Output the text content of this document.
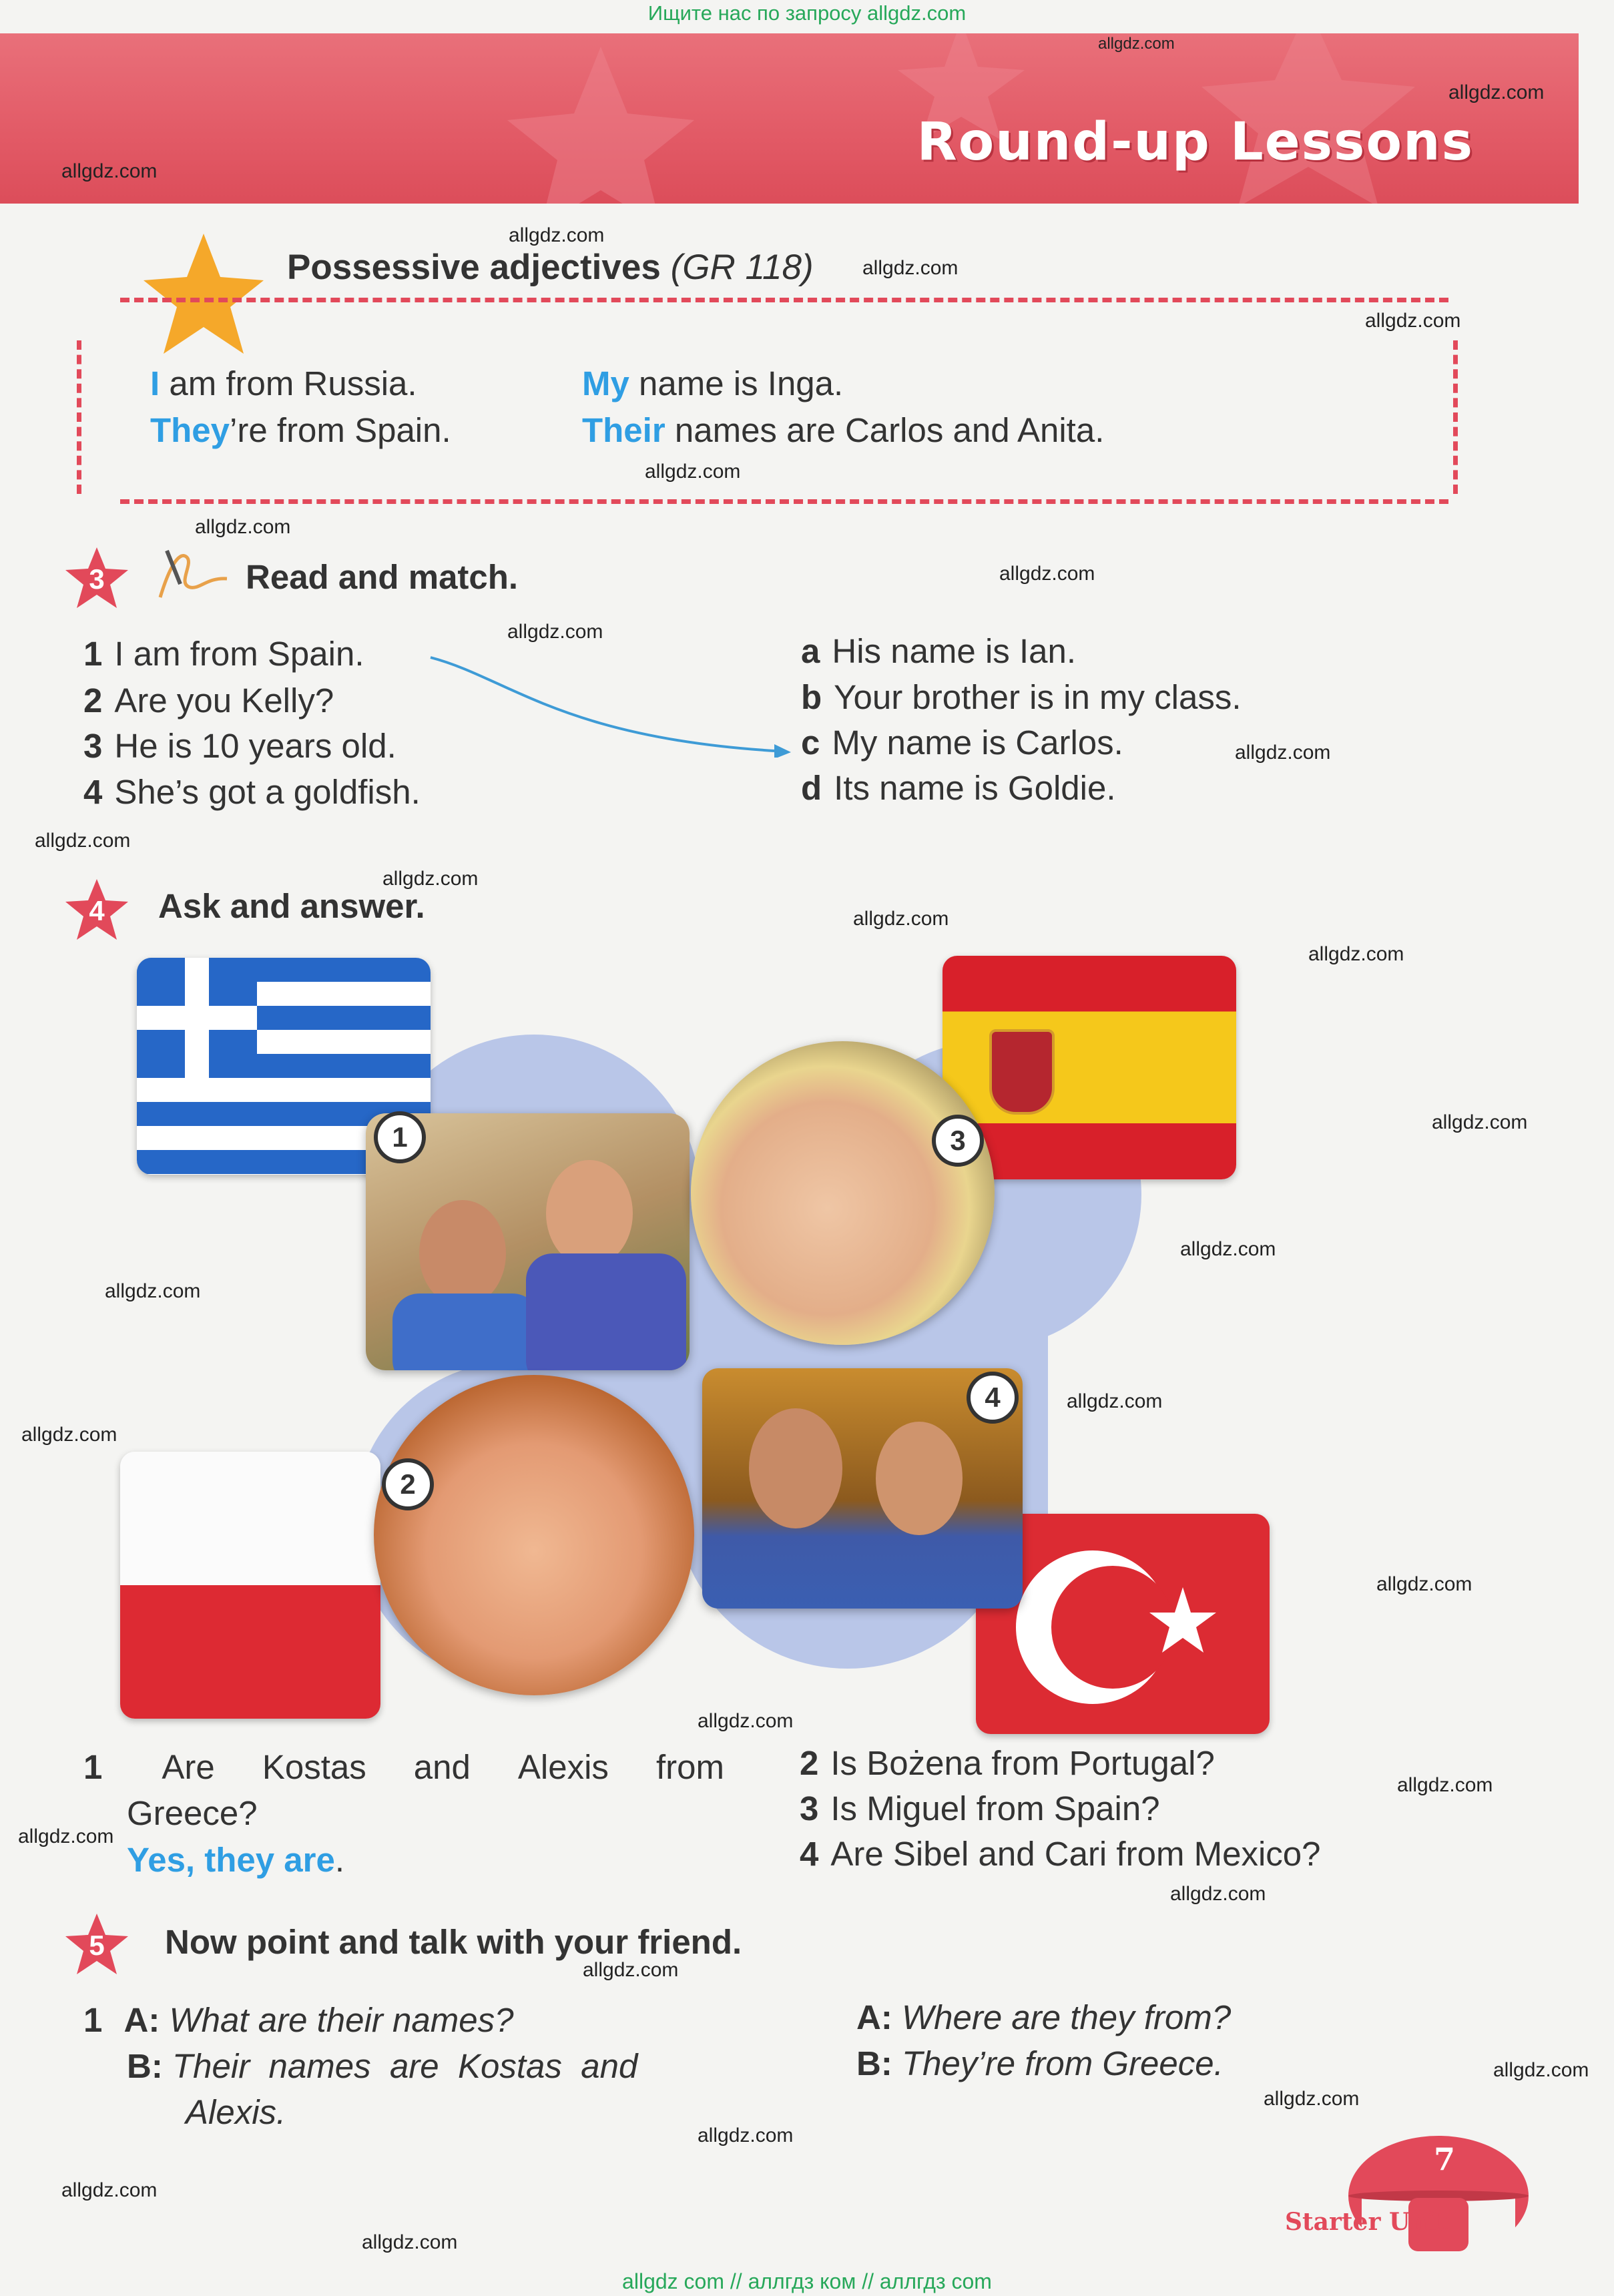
Ищите нас по запросу allgdz.com
Round-up Lessons
allgdz.com
allgdz.com
allgdz.com
allgdz.com
allgdz.com
allgdz.com
allgdz.com
allgdz.com
allgdz.com
allgdz.com
allgdz.com
allgdz.com
allgdz.com
allgdz.com
allgdz.com
allgdz.com
allgdz.com
allgdz.com
allgdz.com
allgdz.com
allgdz.com
allgdz.com
allgdz.com
allgdz.com
allgdz.com
allgdz.com
allgdz.com
allgdz.com
allgdz.com
allgdz.com
allgdz.com
Possessive adjectives (GR 118)
I am from Russia.	My name is Inga.
They’re from Spain.	Their names are Carlos and Anita.
3	Read and match.
1 I am from Spain.
2 Are you Kelly?
3 He is 10 years old.
4 She’s got a goldfish.
a His name is Ian.
b Your brother is in my class.
c My name is Carlos.
d Its name is Goldie.
4	Ask and answer.
1	3
2
4
1 Are Kostas and Alexis from
Greece?
Yes, they are.
2 Is Bożena from Portugal?
3 Is Miguel from Spain?
4 Are Sibel and Cari from Mexico?
5	Now point and talk with your friend.
1 A: What are their names?
B: Their  names  are  Kostas  and
Alexis.
A: Where are they from?
B: They’re from Greece.
7
Starter Unit
allgdz com // аллгдз ком // аллгдз com
